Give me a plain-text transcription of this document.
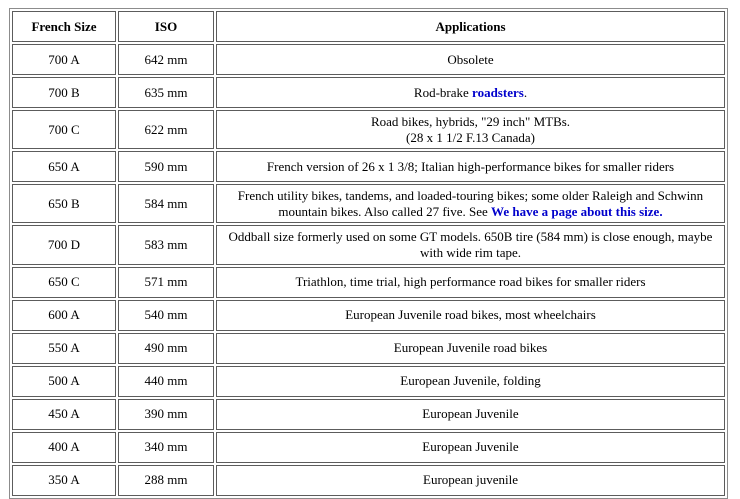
French Size	ISO	Applications
700 A	642 mm	Obsolete
700 B	635 mm	Rod-brake roadsters.
700 C	622 mm	Road bikes, hybrids, "29 inch" MTBs.
(28 x 1 1/2 F.13 Canada)
650 A	590 mm	French version of 26 x 1 3/8; Italian high-performance bikes for smaller riders
650 B	584 mm	French utility bikes, tandems, and loaded-touring bikes; some older Raleigh and Schwinn mountain bikes. Also called 27 five. See We have a page about this size.
700 D	583 mm	Oddball size formerly used on some GT models. 650B tire (584 mm) is close enough, maybe with wide rim tape.
650 C	571 mm	Triathlon, time trial, high performance road bikes for smaller riders
600 A	540 mm	European Juvenile road bikes, most wheelchairs
550 A	490 mm	European Juvenile road bikes
500 A	440 mm	European Juvenile, folding
450 A	390 mm	European Juvenile
400 A	340 mm	European Juvenile
350 A	288 mm	European juvenile
